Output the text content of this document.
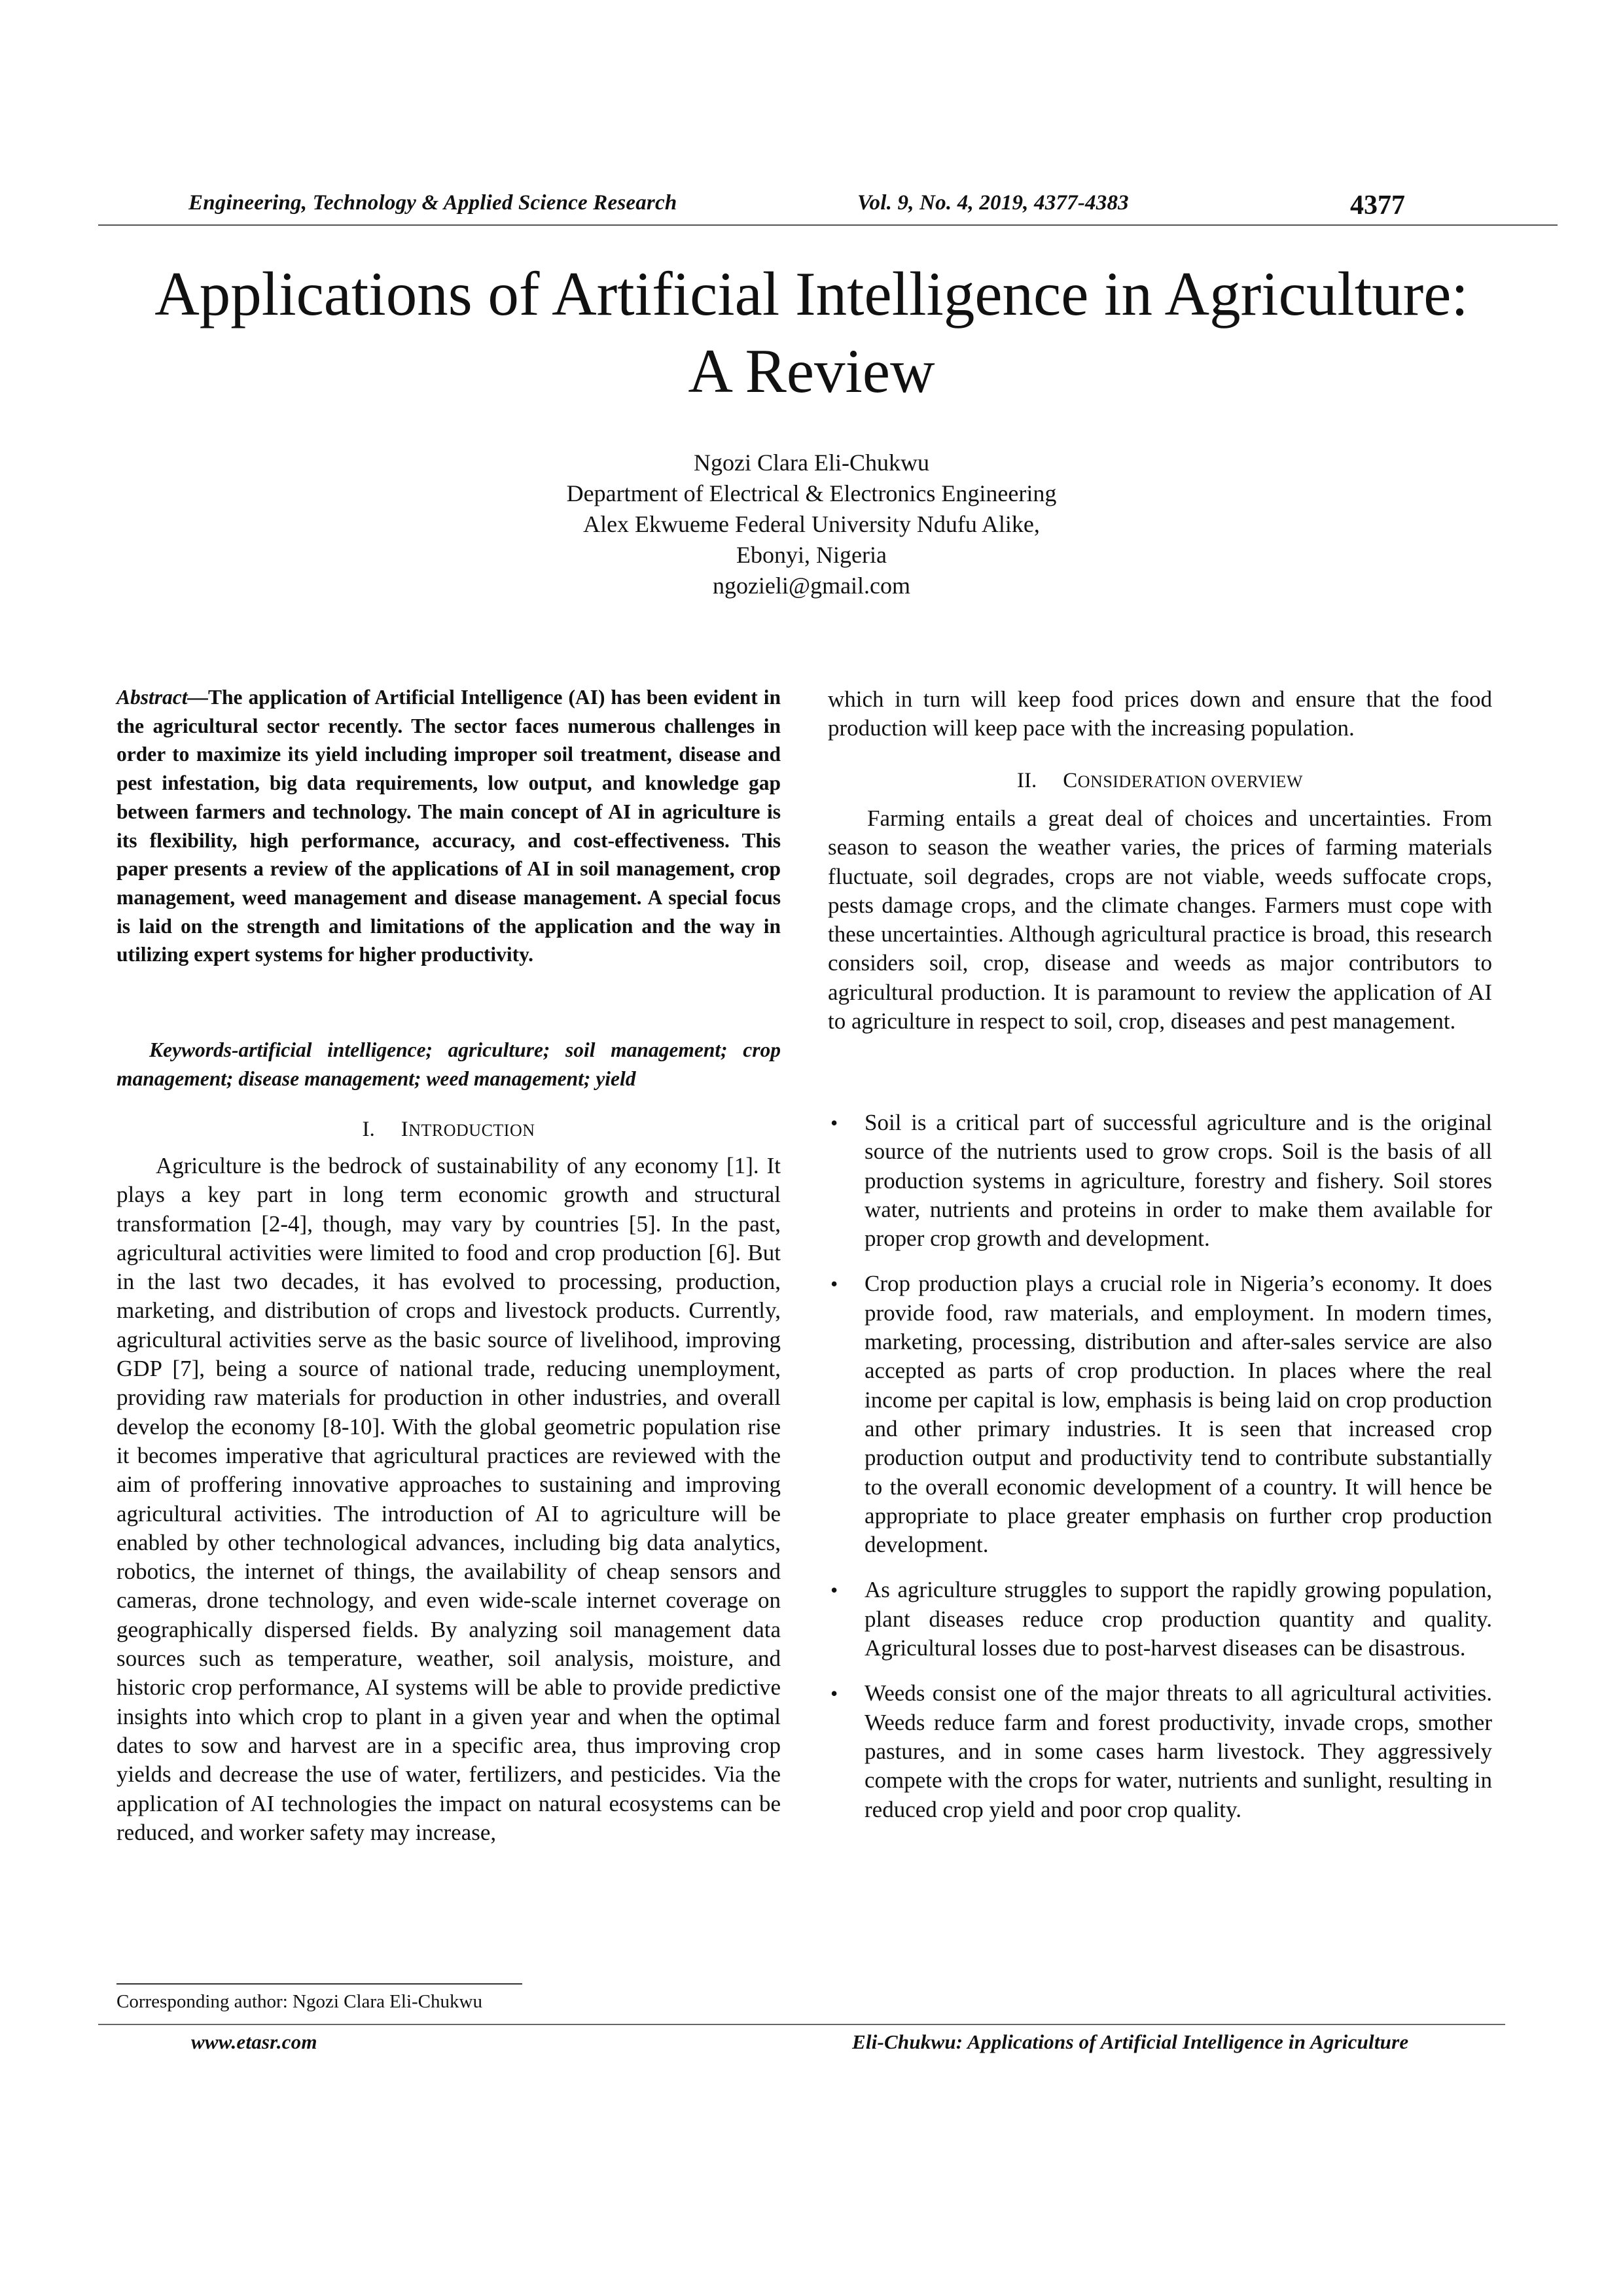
Engineering, Technology & Applied Science Research	Vol. 9, No. 4, 2019, 4377-4383	4377
Applications of Artificial Intelligence in Agriculture:
A Review
Ngozi Clara Eli-Chukwu
Department of Electrical & Electronics Engineering
Alex Ekwueme Federal University Ndufu Alike,
Ebonyi, Nigeria
ngozieli@gmail.com
Abstract—The application of Artificial Intelligence (AI) has been evident in the agricultural sector recently. The sector faces numerous challenges in order to maximize its yield including improper soil treatment, disease and pest infestation, big data requirements, low output, and knowledge gap between farmers and technology. The main concept of AI in agriculture is its flexibility, high performance, accuracy, and cost-effectiveness. This paper presents a review of the applications of AI in soil management, crop management, weed management and disease management. A special focus is laid on the strength and limitations of the application and the way in utilizing expert systems for higher productivity.
Keywords-artificial intelligence; agriculture; soil management; crop management; disease management; weed management; yield
I. INTRODUCTION
Agriculture is the bedrock of sustainability of any economy [1]. It plays a key part in long term economic growth and structural transformation [2-4], though, may vary by countries [5]. In the past, agricultural activities were limited to food and crop production [6]. But in the last two decades, it has evolved to processing, production, marketing, and distribution of crops and livestock products. Currently, agricultural activities serve as the basic source of livelihood, improving GDP [7], being a source of national trade, reducing unemployment, providing raw materials for production in other industries, and overall develop the economy [8-10]. With the global geometric population rise it becomes imperative that agricultural practices are reviewed with the aim of proffering innovative approaches to sustaining and improving agricultural activities. The introduction of AI to agriculture will be enabled by other technological advances, including big data analytics, robotics, the internet of things, the availability of cheap sensors and cameras, drone technology, and even wide-scale internet coverage on geographically dispersed fields. By analyzing soil management data sources such as temperature, weather, soil analysis, moisture, and historic crop performance, AI systems will be able to provide predictive insights into which crop to plant in a given year and when the optimal dates to sow and harvest are in a specific area, thus improving crop yields and decrease the use of water, fertilizers, and pesticides. Via the application of AI technologies the impact on natural ecosystems can be reduced, and worker safety may increase,
which in turn will keep food prices down and ensure that the food production will keep pace with the increasing population.
II. CONSIDERATION OVERVIEW
Farming entails a great deal of choices and uncertainties. From season to season the weather varies, the prices of farming materials fluctuate, soil degrades, crops are not viable, weeds suffocate crops, pests damage crops, and the climate changes. Farmers must cope with these uncertainties. Although agricultural practice is broad, this research considers soil, crop, disease and weeds as major contributors to agricultural production. It is paramount to review the application of AI to agriculture in respect to soil, crop, diseases and pest management.
• Soil is a critical part of successful agriculture and is the original source of the nutrients used to grow crops. Soil is the basis of all production systems in agriculture, forestry and fishery. Soil stores water, nutrients and proteins in order to make them available for proper crop growth and development.
• Crop production plays a crucial role in Nigeria’s economy. It does provide food, raw materials, and employment. In modern times, marketing, processing, distribution and after-sales service are also accepted as parts of crop production. In places where the real income per capital is low, emphasis is being laid on crop production and other primary industries. It is seen that increased crop production output and productivity tend to contribute substantially to the overall economic development of a country. It will hence be appropriate to place greater emphasis on further crop production development.
• As agriculture struggles to support the rapidly growing population, plant diseases reduce crop production quantity and quality. Agricultural losses due to post-harvest diseases can be disastrous.
• Weeds consist one of the major threats to all agricultural activities. Weeds reduce farm and forest productivity, invade crops, smother pastures, and in some cases harm livestock. They aggressively compete with the crops for water, nutrients and sunlight, resulting in reduced crop yield and poor crop quality.
Corresponding author: Ngozi Clara Eli-Chukwu
www.etasr.com	Eli-Chukwu: Applications of Artificial Intelligence in Agriculture
